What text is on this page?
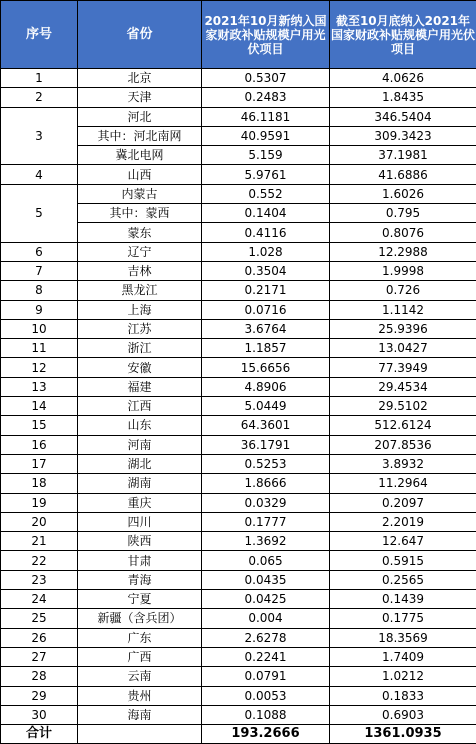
序号	省份	2021年10月新纳入国家财政补贴规模户用光伏项目	截至10月底纳入2021年国家财政补贴规模户用光伏项目
1	北京	0.5307	4.0626
2	天津	0.2483	1.8435
3	河北	46.1181	346.5404
	其中：河北南网	40.9591	309.3423
	冀北电网	5.159	37.1981
4	山西	5.9761	41.6886
5	内蒙古	0.552	1.6026
	其中：蒙西	0.1404	0.795
	蒙东	0.4116	0.8076
6	辽宁	1.028	12.2988
7	吉林	0.3504	1.9998
8	黑龙江	0.2171	0.726
9	上海	0.0716	1.1142
10	江苏	3.6764	25.9396
11	浙江	1.1857	13.0427
12	安徽	15.6656	77.3949
13	福建	4.8906	29.4534
14	江西	5.0449	29.5102
15	山东	64.3601	512.6124
16	河南	36.1791	207.8536
17	湖北	0.5253	3.8932
18	湖南	1.8666	11.2964
19	重庆	0.0329	0.2097
20	四川	0.1777	2.2019
21	陕西	1.3692	12.647
22	甘肃	0.065	0.5915
23	青海	0.0435	0.2565
24	宁夏	0.0425	0.1439
25	新疆（含兵团）	0.004	0.1775
26	广东	2.6278	18.3569
27	广西	0.2241	1.7409
28	云南	0.0791	1.0212
29	贵州	0.0053	0.1833
30	海南	0.1088	0.6903
合计		193.2666	1361.0935
